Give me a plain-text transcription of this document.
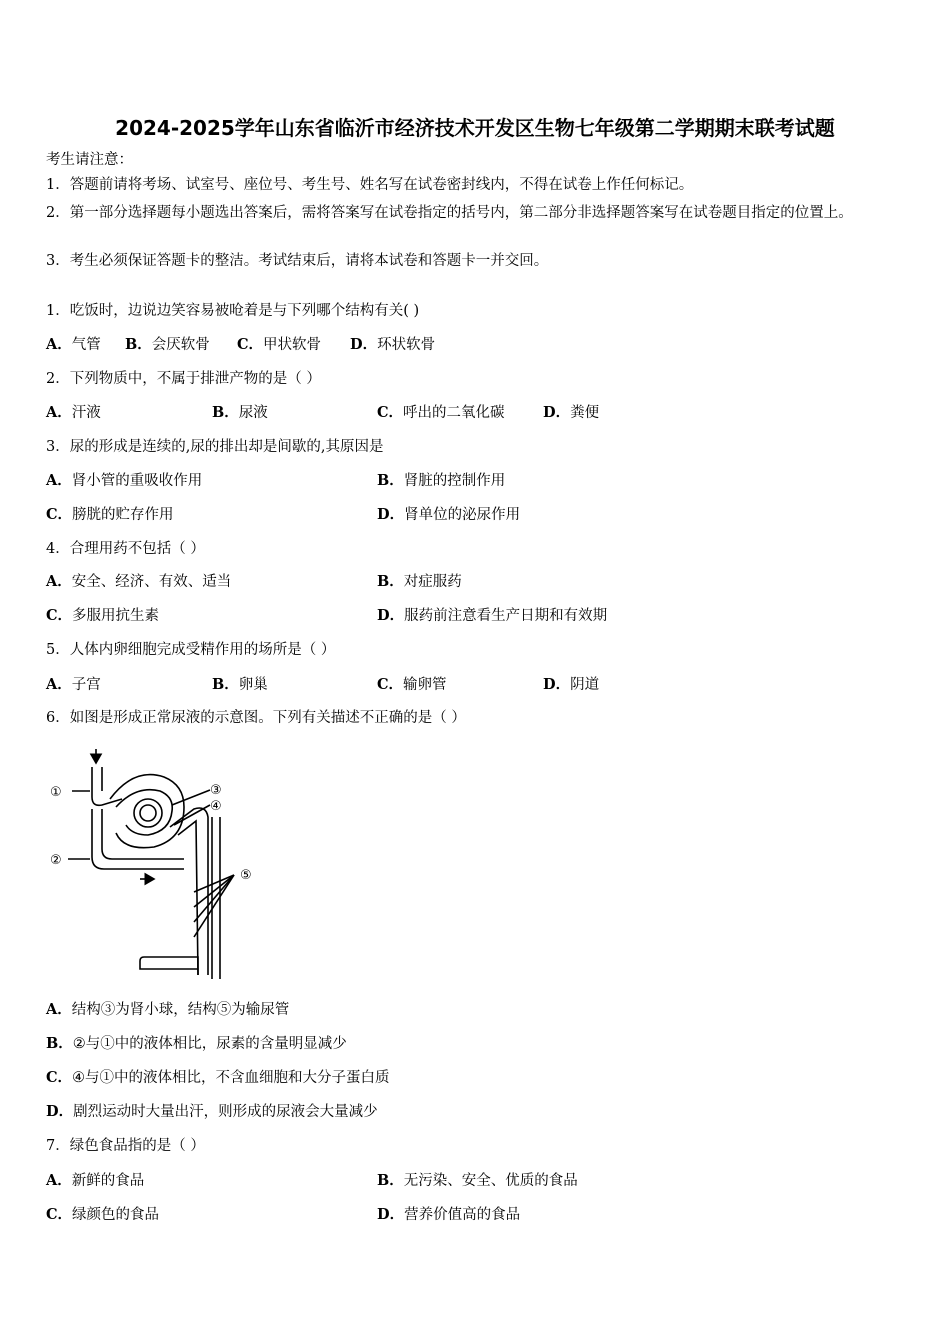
2024-2025学年山东省临沂市经济技术开发区生物七年级第二学期期末联考试题
考生请注意：
1．答题前请将考场、试室号、座位号、考生号、姓名写在试卷密封线内，不得在试卷上作任何标记。
2．第一部分选择题每小题选出答案后，需将答案写在试卷指定的括号内，第二部分非选择题答案写在试卷题目指定的位置上。
3．考生必须保证答题卡的整洁。考试结束后，请将本试卷和答题卡一并交回。
1．吃饭时，边说边笑容易被呛着是与下列哪个结构有关( )
A．气管 B．会厌软骨 C．甲状软骨 D．环状软骨
2．下列物质中，不属于排泄产物的是（ ）
A．汗液	B．尿液	C．呼出的二氧化碳	D．粪便
3．尿的形成是连续的,尿的排出却是间歇的,其原因是
A．肾小管的重吸收作用	B．肾脏的控制作用
C．膀胱的贮存作用	D．肾单位的泌尿作用
4．合理用药不包括（ ）
A．安全、经济、有效、适当	B．对症服药
C．多服用抗生素	D．服药前注意看生产日期和有效期
5．人体内卵细胞完成受精作用的场所是（ ）
A．子宫	B．卵巢	C．输卵管	D．阴道
6．如图是形成正常尿液的示意图。下列有关描述不正确的是（ ）
①
②
③
④
⑤
A．结构③为肾小球，结构⑤为输尿管
B．②与①中的液体相比，尿素的含量明显减少
C．④与①中的液体相比，不含血细胞和大分子蛋白质
D．剧烈运动时大量出汗，则形成的尿液会大量减少
7．绿色食品指的是（ ）
A．新鲜的食品	B．无污染、安全、优质的食品
C．绿颜色的食品	D．营养价值高的食品
